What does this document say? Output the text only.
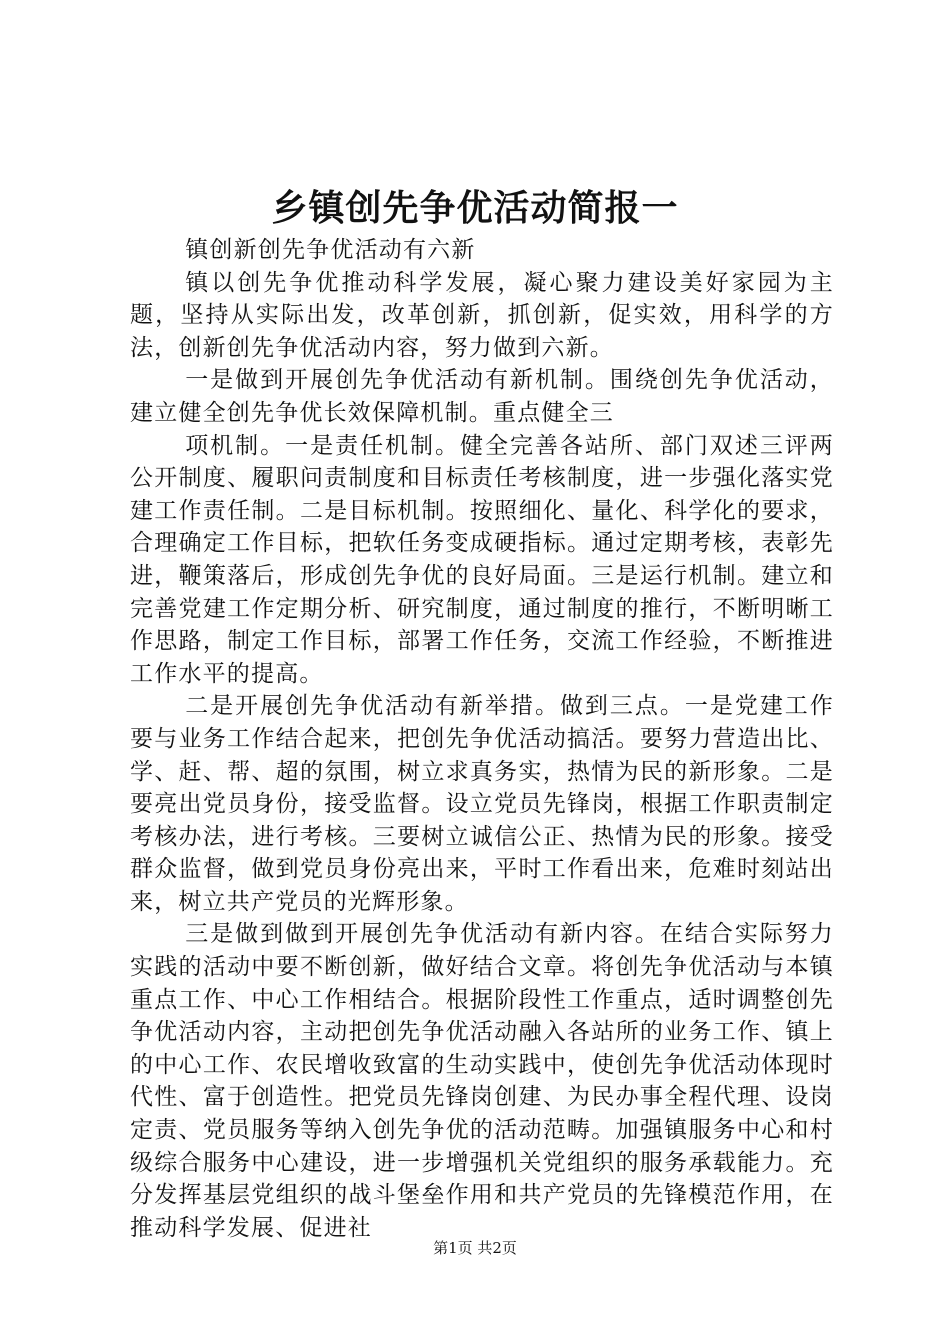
乡镇创先争优活动简报一

镇创新创先争优活动有六新

镇以创先争优推动科学发展，凝心聚力建设美好家园为主题，坚持从实际出发，改革创新，抓创新，促实效，用科学的方法，创新创先争优活动内容，努力做到六新。

一是做到开展创先争优活动有新机制。围绕创先争优活动，建立健全创先争优长效保障机制。重点健全三

项机制。一是责任机制。健全完善各站所、部门双述三评两公开制度、履职问责制度和目标责任考核制度，进一步强化落实党建工作责任制。二是目标机制。按照细化、量化、科学化的要求，合理确定工作目标，把软任务变成硬指标。通过定期考核，表彰先进，鞭策落后，形成创先争优的良好局面。三是运行机制。建立和完善党建工作定期分析、研究制度，通过制度的推行，不断明晰工作思路，制定工作目标，部署工作任务，交流工作经验，不断推进工作水平的提高。

二是开展创先争优活动有新举措。做到三点。一是党建工作要与业务工作结合起来，把创先争优活动搞活。要努力营造出比、学、赶、帮、超的氛围，树立求真务实，热情为民的新形象。二是要亮出党员身份，接受监督。设立党员先锋岗，根据工作职责制定考核办法，进行考核。三要树立诚信公正、热情为民的形象。接受群众监督，做到党员身份亮出来，平时工作看出来，危难时刻站出来，树立共产党员的光辉形象。

三是做到做到开展创先争优活动有新内容。在结合实际努力实践的活动中要不断创新，做好结合文章。将创先争优活动与本镇重点工作、中心工作相结合。根据阶段性工作重点，适时调整创先争优活动内容，主动把创先争优活动融入各站所的业务工作、镇上的中心工作、农民增收致富的生动实践中，使创先争优活动体现时代性、富于创造性。把党员先锋岗创建、为民办事全程代理、设岗定责、党员服务等纳入创先争优的活动范畴。加强镇服务中心和村级综合服务中心建设，进一步增强机关党组织的服务承载能力。充分发挥基层党组织的战斗堡垒作用和共产党员的先锋模范作用，在推动科学发展、促进社

第1页 共2页
